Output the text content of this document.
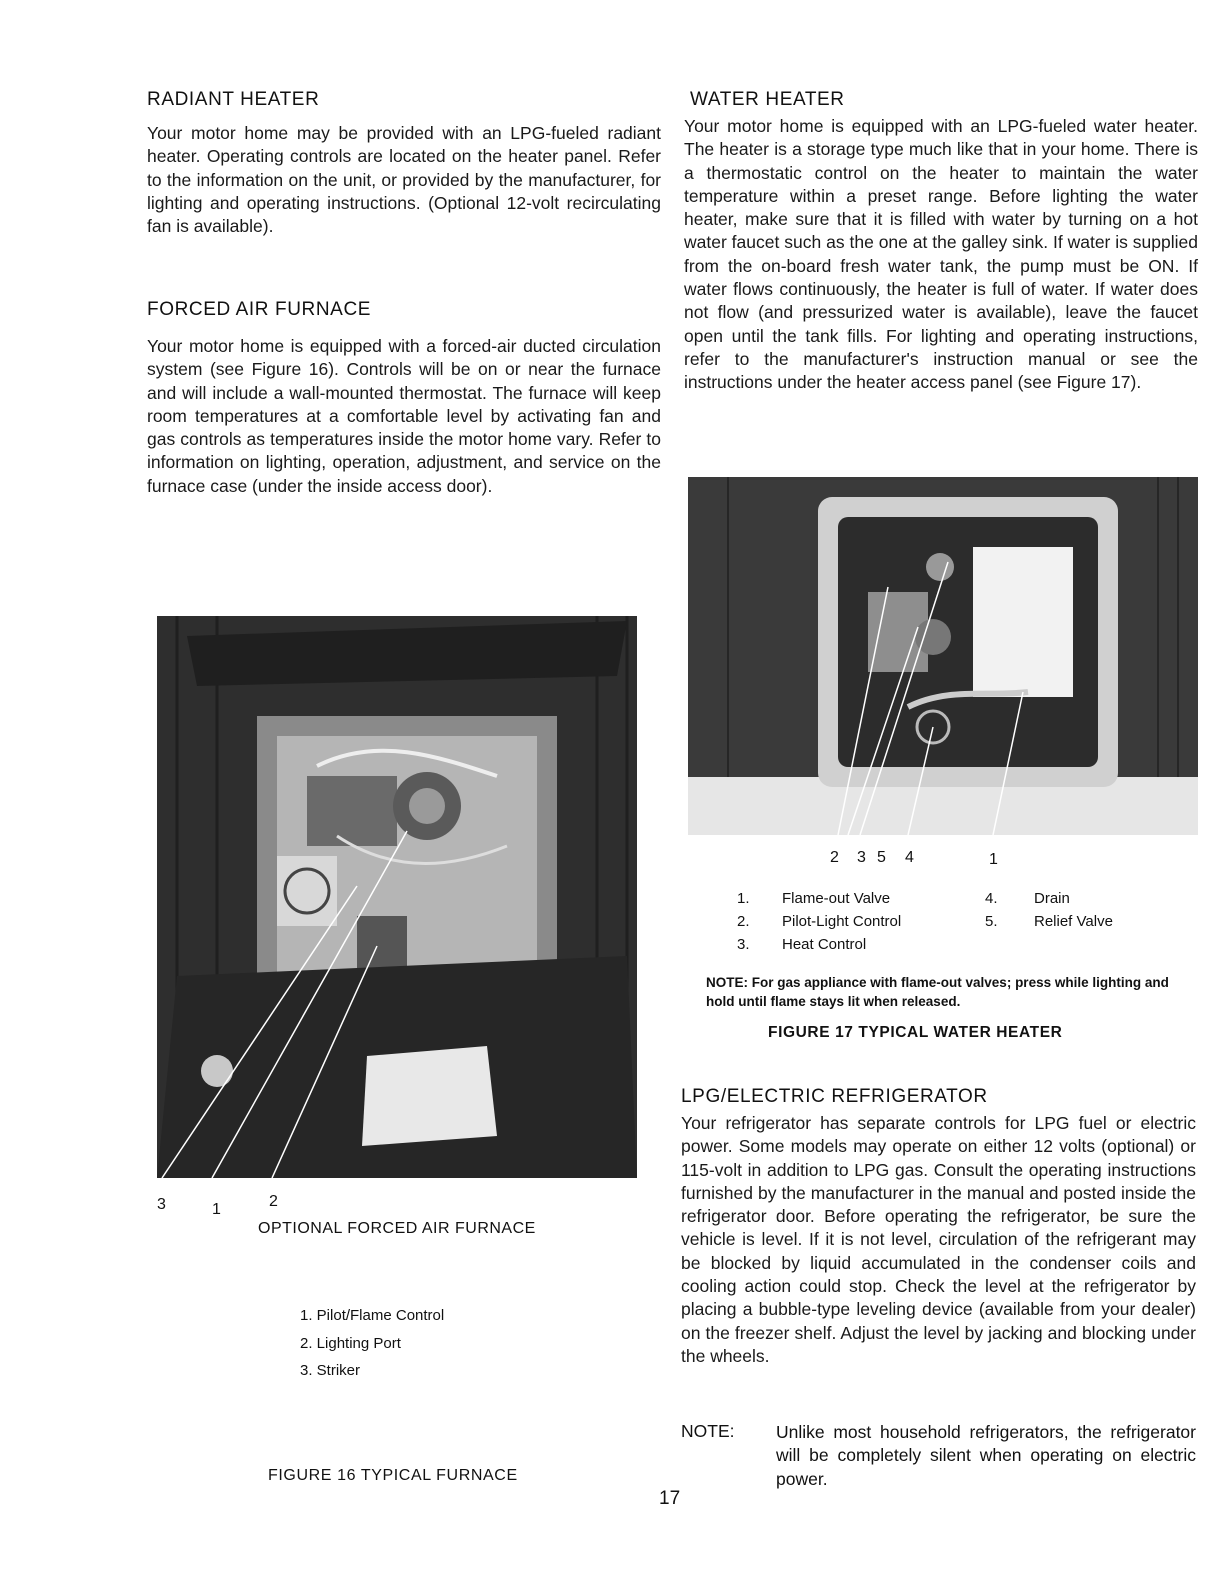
RADIANT HEATER

Your motor home may be provided with an LPG-fueled radiant heater. Operating controls are located on the heater panel. Refer to the information on the unit, or provided by the manufacturer, for lighting and operating instructions. (Optional 12-volt recirculating fan is available).

FORCED AIR FURNACE

Your motor home is equipped with a forced-air ducted circulation system (see Figure 16). Controls will be on or near the furnace and will include a wall-mounted thermostat. The furnace will keep room temperatures at a comfortable level by activating fan and gas controls as temperatures inside the motor home vary. Refer to information on lighting, operation, adjustment, and service on the furnace case (under the inside access door).

3	1	2
OPTIONAL FORCED AIR FURNACE
1. Pilot/Flame Control
2. Lighting Port
3. Striker
FIGURE 16 TYPICAL FURNACE
WATER HEATER

Your motor home is equipped with an LPG-fueled water heater. The heater is a storage type much like that in your home. There is a thermostatic control on the heater to maintain the water temperature within a preset range. Before lighting the water heater, make sure that it is filled with water by turning on a hot water faucet such as the one at the galley sink. If water is supplied from the on-board fresh water tank, the pump must be ON. If water flows continuously, the heater is full of water. If water does not flow (and pressurized water is available), leave the faucet open until the tank fills. For lighting and operating instructions, refer to the manufacturer's instruction manual or see the instructions under the heater access panel (see Figure 17).

2 3 5 4	1
1. Flame-out Valve
2. Pilot-Light Control
3. Heat Control
4. Drain
5. Relief Valve
NOTE: For gas appliance with flame-out valves; press while lighting and hold until flame stays lit when released.
FIGURE 17 TYPICAL WATER HEATER
LPG/ELECTRIC REFRIGERATOR

Your refrigerator has separate controls for LPG fuel or electric power. Some models may operate on either 12 volts (optional) or 115-volt in addition to LPG gas. Consult the operating instructions furnished by the manufacturer in the manual and posted inside the refrigerator door. Before operating the refrigerator, be sure the vehicle is level. If it is not level, circulation of the refrigerant may be blocked by liquid accumulated in the condenser coils and cooling action could stop. Check the level at the refrigerator by placing a bubble-type leveling device (available from your dealer) on the freezer shelf. Adjust the level by jacking and blocking under the wheels.

NOTE: Unlike most household refrigerators, the refrigerator will be completely silent when operating on electric power.
17
